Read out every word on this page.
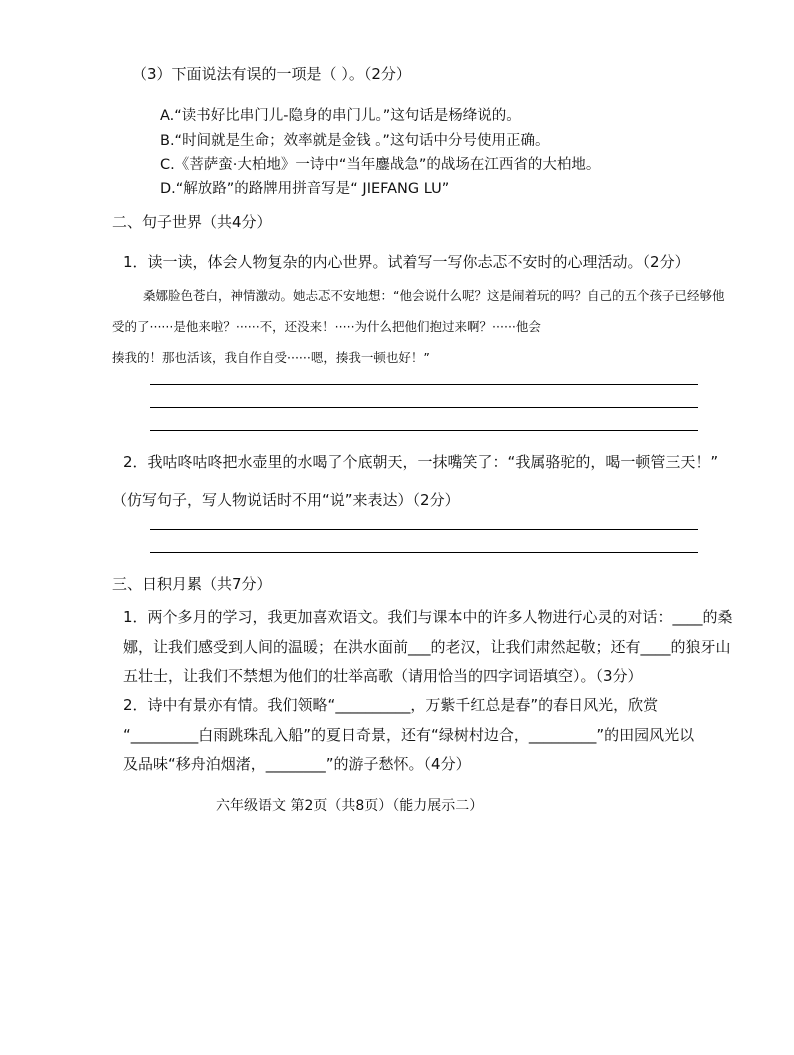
（3）下面说法有误的一项是（ ）。（2分）
A.“读书好比串门儿-隐身的串门儿。”这句话是杨绛说的。
B.“时间就是生命；效率就是金钱 。”这句话中分号使用正确。
C.《菩萨蛮·大柏地》一诗中“当年鏖战急”的战场在江西省的大柏地。
D.“解放路”的路牌用拼音写是“ JIEFANG LU”
二、句子世界（共4分）
1．读一读，体会人物复杂的内心世界。试着写一写你忐忑不安时的心理活动。（2分）
桑娜脸色苍白，神情激动。她忐忑不安地想：“他会说什么呢？这是闹着玩的吗？自己的五个孩子已经够他
受的了······是他来啦？······不，还没来！·····为什么把他们抱过来啊？······他会
揍我的！那也活该，我自作自受······嗯，揍我一顿也好！”
2．我咕咚咕咚把水壶里的水喝了个底朝天，一抹嘴笑了：“我属骆驼的，喝一顿管三天！”
（仿写句子，写人物说话时不用“说”来表达）（2分）
三、日积月累（共7分）
1．两个多月的学习，我更加喜欢语文。我们与课本中的许多人物进行心灵的对话：____的桑
娜，让我们感受到人间的温暖；在洪水面前___的老汉，让我们肃然起敬；还有____的狼牙山
五壮士，让我们不禁想为他们的壮举高歌（请用恰当的四字词语填空）。（3分）
2．诗中有景亦有情。我们领略“__________，万紫千红总是春”的春日风光，欣赏
“_________白雨跳珠乱入船”的夏日奇景，还有“绿树村边合，_________”的田园风光以
及品味“移舟泊烟渚，________”的游子愁怀。（4分）
六年级语文 第2页（共8页）（能力展示二）
